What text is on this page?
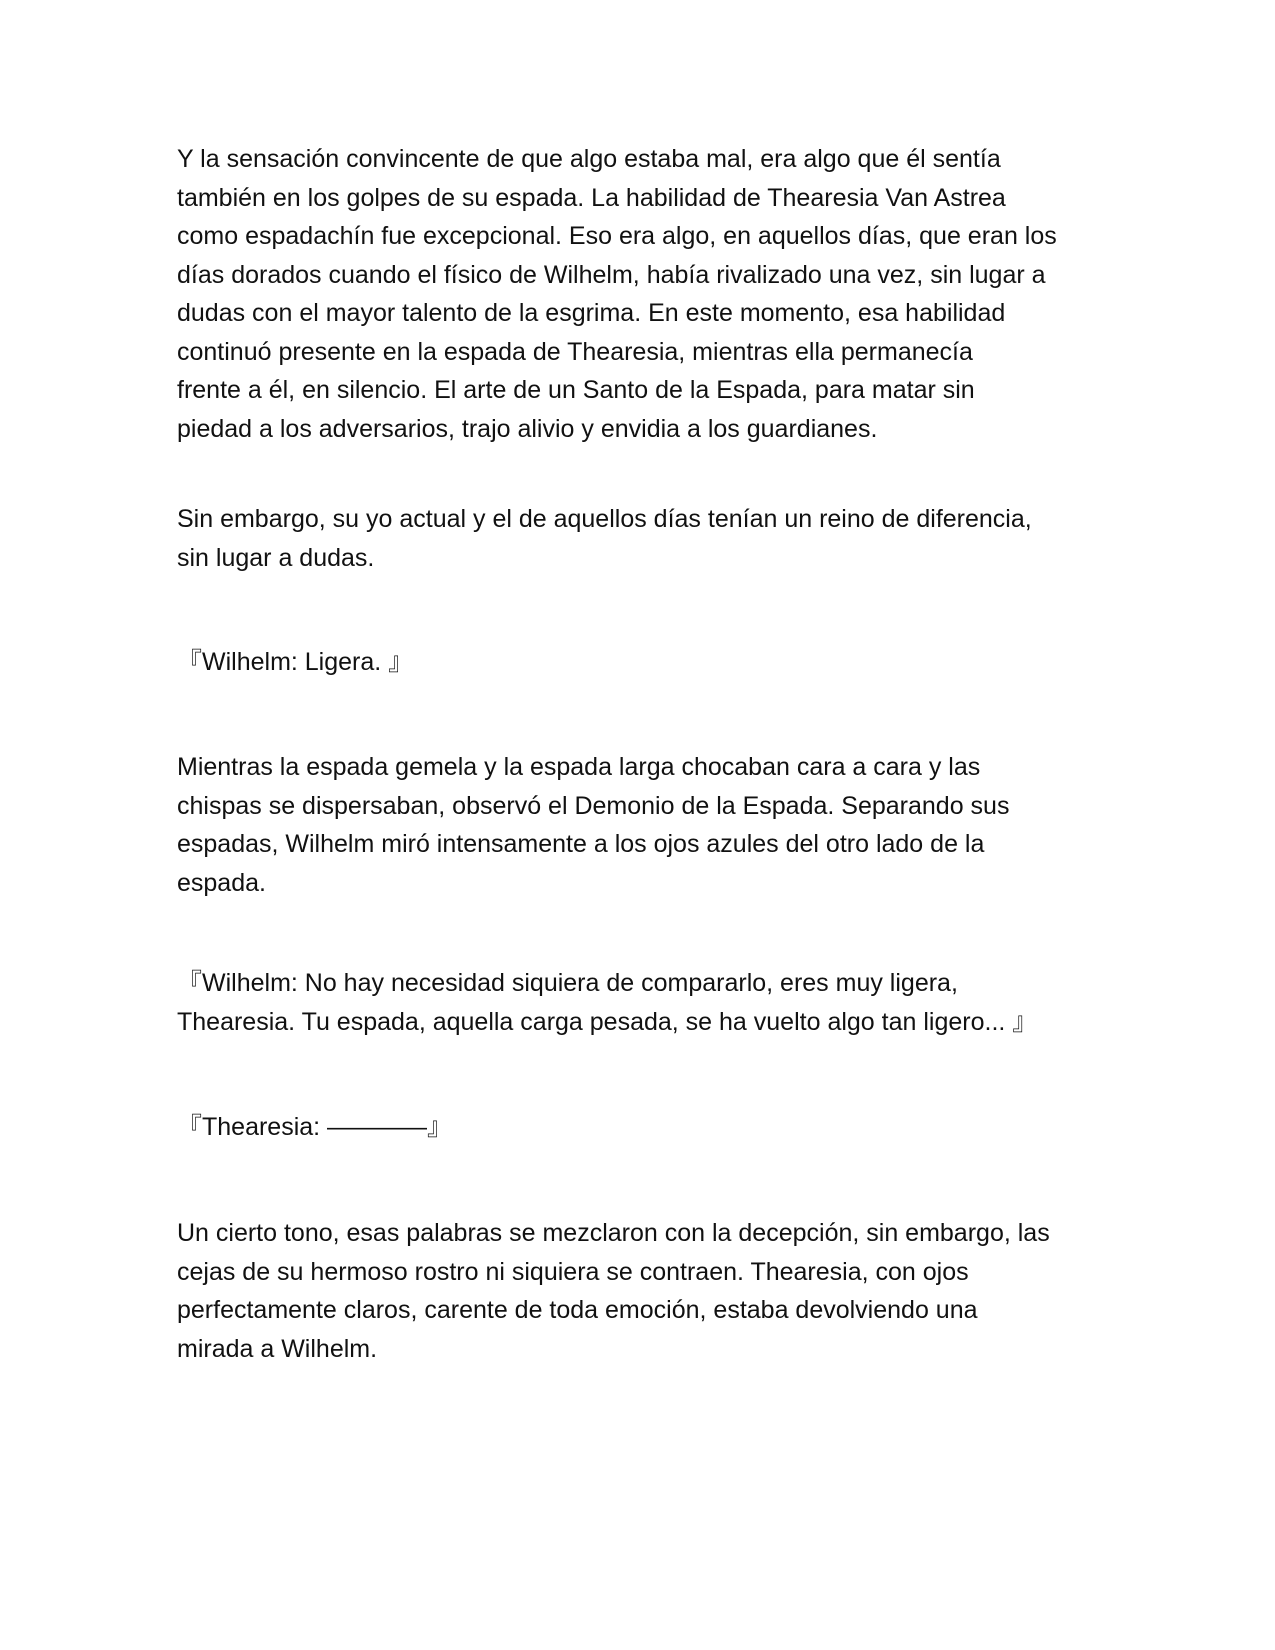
Y la sensación convincente de que algo estaba mal, era algo que él sentía
también en los golpes de su espada. La habilidad de Thearesia Van Astrea
como espadachín fue excepcional. Eso era algo, en aquellos días, que eran los
días dorados cuando el físico de Wilhelm, había rivalizado una vez, sin lugar a
dudas con el mayor talento de la esgrima. En este momento, esa habilidad
continuó presente en la espada de Thearesia, mientras ella permanecía
frente a él, en silencio. El arte de un Santo de la Espada, para matar sin
piedad a los adversarios, trajo alivio y envidia a los guardianes.

Sin embargo, su yo actual y el de aquellos días tenían un reino de diferencia,
sin lugar a dudas.

『Wilhelm: Ligera. 』

Mientras la espada gemela y la espada larga chocaban cara a cara y las
chispas se dispersaban, observó el Demonio de la Espada. Separando sus
espadas, Wilhelm miró intensamente a los ojos azules del otro lado de la
espada.

『Wilhelm: No hay necesidad siquiera de compararlo, eres muy ligera,
Thearesia. Tu espada, aquella carga pesada, se ha vuelto algo tan ligero... 』

『Thearesia: ————』

Un cierto tono, esas palabras se mezclaron con la decepción, sin embargo, las
cejas de su hermoso rostro ni siquiera se contraen. Thearesia, con ojos
perfectamente claros, carente de toda emoción, estaba devolviendo una
mirada a Wilhelm.
